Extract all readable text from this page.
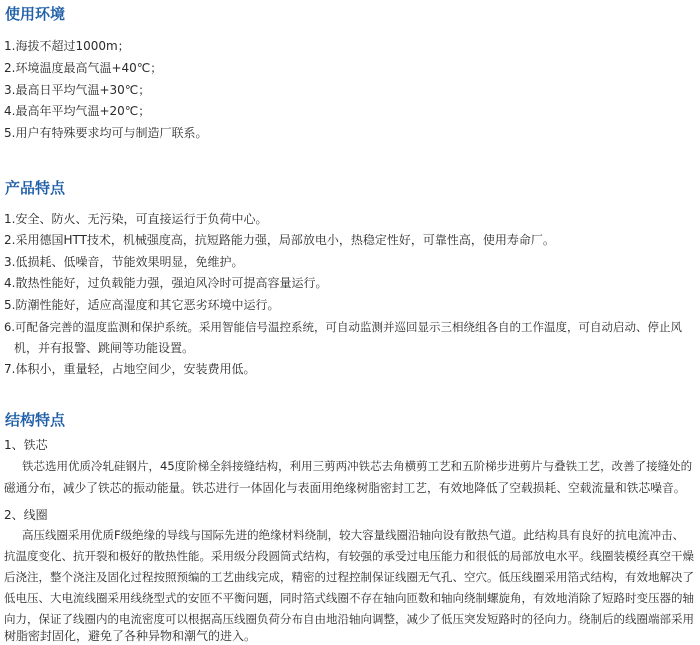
使用环境

1.海拔不超过1000m；

2.环境温度最高气温+40℃；

3.最高日平均气温+30℃；

4.最高年平均气温+20℃；

5.用户有特殊要求均可与制造厂联系。

产品特点

1.安全、防火、无污染，可直接运行于负荷中心。

2.采用德国HTT技术，机械强度高，抗短路能力强，局部放电小，热稳定性好，可靠性高，使用寿命厂。

3.低损耗、低噪音，节能效果明显，免维护。

4.散热性能好，过负载能力强，强迫风冷时可提高容量运行。

5.防潮性能好，适应高湿度和其它恶劣环境中运行。

6.可配备完善的温度监测和保护系统。采用智能信号温控系统，可自动监测并巡回显示三相绕组各自的工作温度，可自动启动、停止风

机，并有报警、跳闸等功能设置。

7.体积小，重量轻，占地空间少，安装费用低。

结构特点

1、铁芯

铁芯选用优质冷轧硅钢片，45度阶梯全斜接缝结构，利用三剪两冲铁芯去角横剪工艺和五阶梯步进剪片与叠铁工艺，改善了接缝处的

磁通分布，减少了铁芯的振动能量。铁芯进行一体固化与表面用绝缘树脂密封工艺，有效地降低了空载损耗、空载流量和铁芯噪音。

2、线圈

高压线圈采用优质F级绝缘的导线与国际先进的绝缘材料绕制，较大容量线圈沿轴向设有散热气道。此结构具有良好的抗电流冲击、

抗温度变化、抗开裂和极好的散热性能。采用级分段圆筒式结构，有较强的承受过电压能力和很低的局部放电水平。线圈装模经真空干燥

后浇注，整个浇注及固化过程按照预编的工艺曲线完成，精密的过程控制保证线圈无气孔、空穴。低压线圈采用箔式结构，有效地解决了

低电压、大电流线圈采用线绕型式的安匝不平衡问题，同时箔式线圈不存在轴向匝数和轴向绕制螺旋角，有效地消除了短路时变压器的轴

向力，保证了线圈内的电流密度可以根据高压线圈负荷分布自由地沿轴向调整，减少了低压突发短路时的径向力。绕制后的线圈端部采用

树脂密封固化，避免了各种异物和潮气的进入。
